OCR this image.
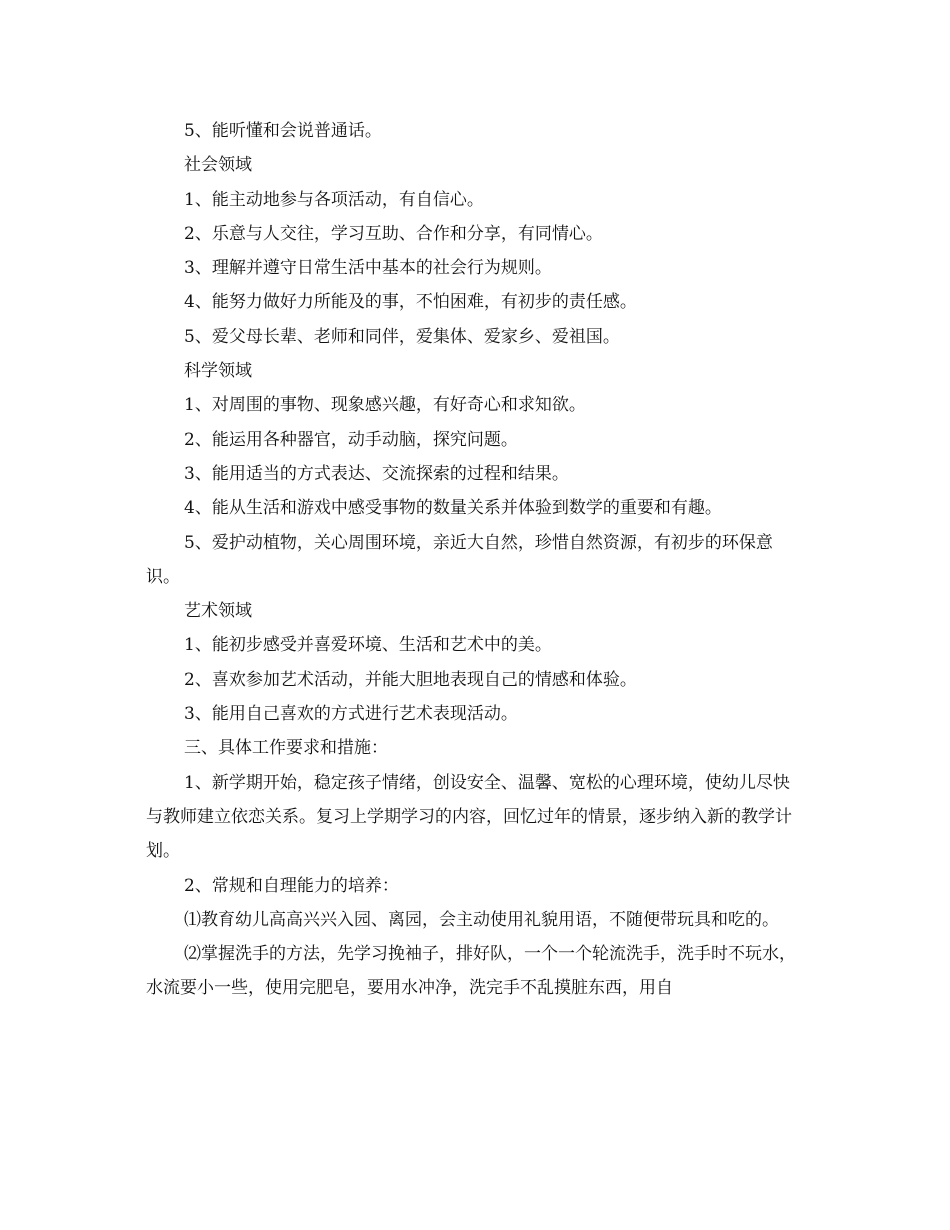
5、能听懂和会说普通话。

社会领域

1、能主动地参与各项活动，有自信心。

2、乐意与人交往，学习互助、合作和分享，有同情心。

3、理解并遵守日常生活中基本的社会行为规则。

4、能努力做好力所能及的事，不怕困难，有初步的责任感。

5、爱父母长辈、老师和同伴，爱集体、爱家乡、爱祖国。

科学领域

1、对周围的事物、现象感兴趣，有好奇心和求知欲。

2、能运用各种器官，动手动脑，探究问题。

3、能用适当的方式表达、交流探索的过程和结果。

4、能从生活和游戏中感受事物的数量关系并体验到数学的重要和有趣。

5、爱护动植物，关心周围环境，亲近大自然，珍惜自然资源，有初步的环保意识。

艺术领域

1、能初步感受并喜爱环境、生活和艺术中的美。

2、喜欢参加艺术活动，并能大胆地表现自己的情感和体验。

3、能用自己喜欢的方式进行艺术表现活动。

三、具体工作要求和措施：

1、新学期开始，稳定孩子情绪，创设安全、温馨、宽松的心理环境，使幼儿尽快与教师建立依恋关系。复习上学期学习的内容，回忆过年的情景，逐步纳入新的教学计划。

2、常规和自理能力的培养：

⑴教育幼儿高高兴兴入园、离园，会主动使用礼貌用语，不随便带玩具和吃的。

⑵掌握洗手的方法，先学习挽袖子，排好队，一个一个轮流洗手，洗手时不玩水，水流要小一些，使用完肥皂，要用水冲净，洗完手不乱摸脏东西，用自
